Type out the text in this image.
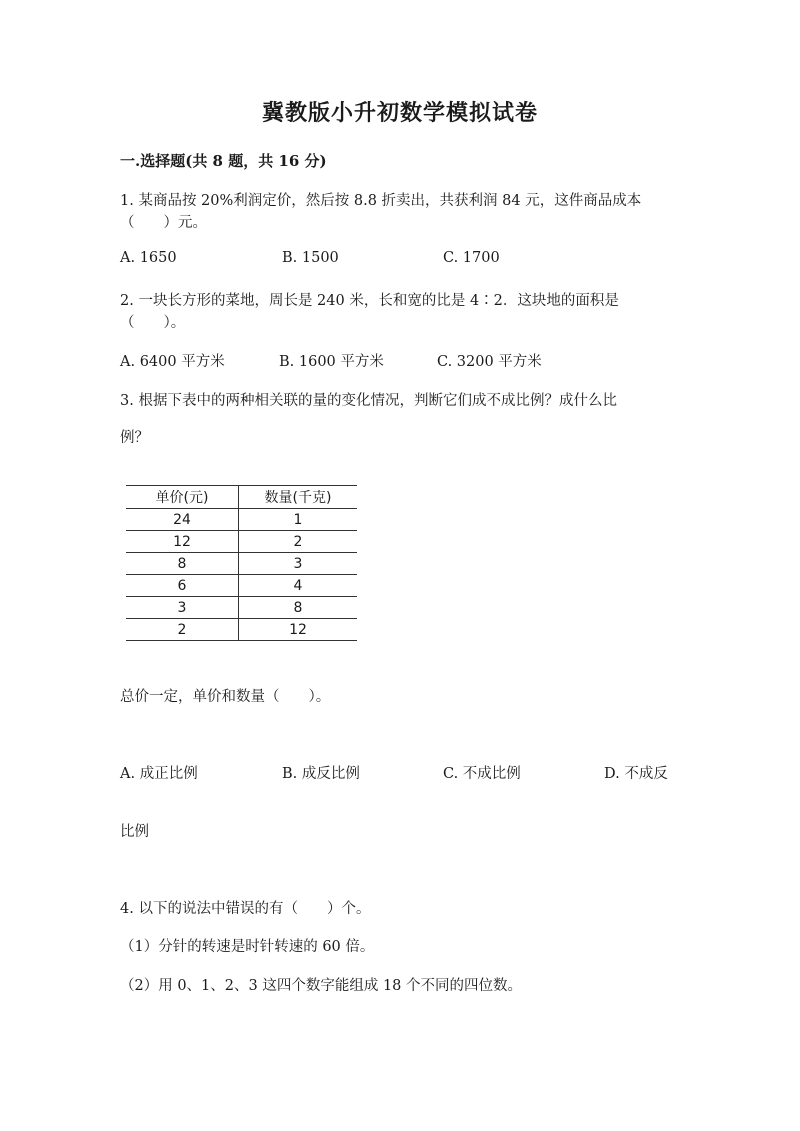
冀教版小升初数学模拟试卷
一.选择题(共 8 题，共 16 分)
1. 某商品按 20%利润定价，然后按 8.8 折卖出，共获利润 84 元，这件商品成本
（　　）元。
A. 1650	B. 1500	C. 1700
2. 一块长方形的菜地，周长是 240 米，长和宽的比是 4∶2．这块地的面积是
（　　）。
A. 6400 平方米	B. 1600 平方米	C. 3200 平方米
3. 根据下表中的两种相关联的量的变化情况，判断它们成不成比例？成什么比
例？
单价(元)	数量(千克)
24	1
12	2
8	3
6	4
3	8
2	12
总价一定，单价和数量（　　）。
A. 成正比例	B. 成反比例	C. 不成比例	D. 不成反
比例
4. 以下的说法中错误的有（　　）个。
（1）分针的转速是时针转速的 60 倍。
（2）用 0、1、2、3 这四个数字能组成 18 个不同的四位数。
